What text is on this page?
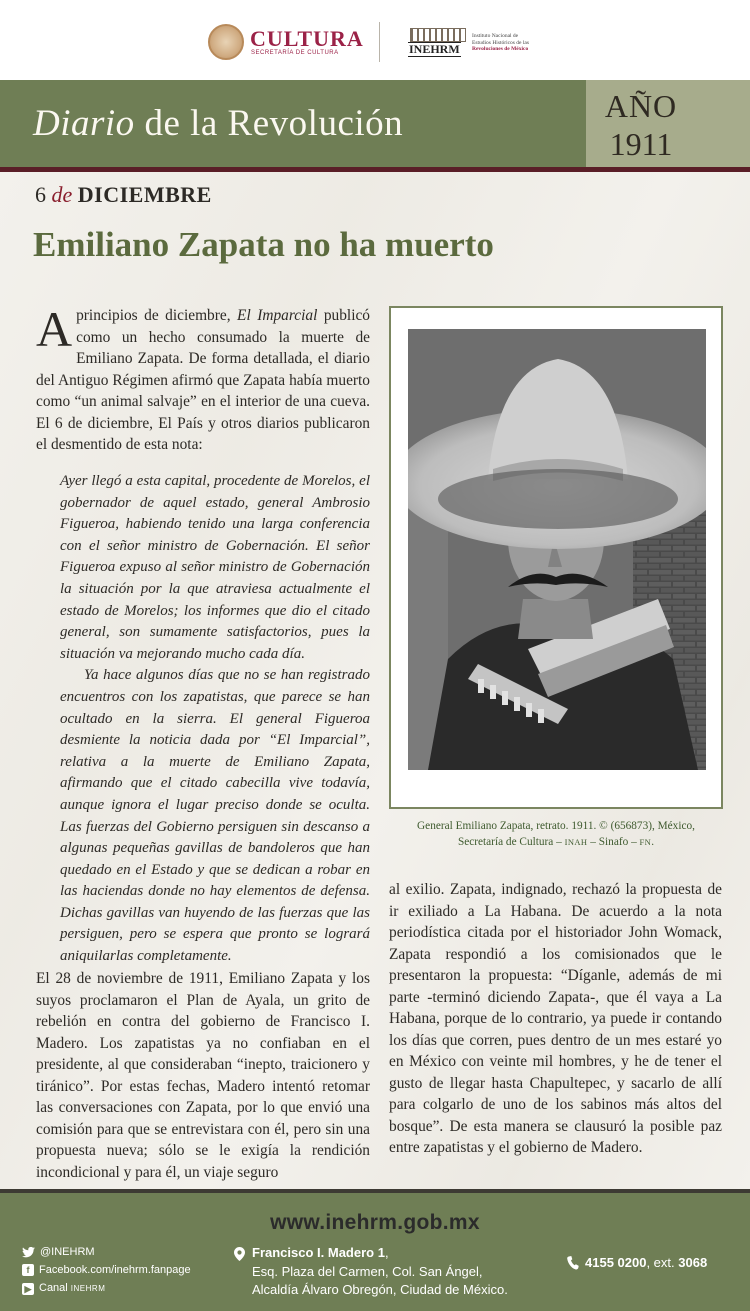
CULTURA
SECRETARÍA DE CULTURA	INEHRM
Instituto Nacional de
Estudios Históricos de las
Revoluciones de México
Diario de la Revolución	AÑO
1911
6 de DICIEMBRE
Emiliano Zapata no ha muerto

A principios de diciembre, El Imparcial publicó como un hecho consumado la muerte de Emiliano Zapata. De forma detallada, el diario del Antiguo Régimen afirmó que Zapata había muerto como “un animal salvaje” en el interior de una cueva. El 6 de diciembre, El País y otros diarios publicaron el desmentido de esta nota:

Ayer llegó a esta capital, procedente de Morelos, el gobernador de aquel estado, general Ambrosio Figueroa, habiendo tenido una larga conferencia con el señor ministro de Gobernación. El señor Figueroa expuso al señor ministro de Gobernación la situación por la que atraviesa actualmente el estado de Morelos; los informes que dio el citado general, son sumamente satisfactorios, pues la situación va mejorando mucho cada día.

Ya hace algunos días que no se han registrado encuentros con los zapatistas, que parece se han ocultado en la sierra. El general Figueroa desmiente la noticia dada por “El Imparcial”, relativa a la muerte de Emiliano Zapata, afirmando que el citado cabecilla vive todavía, aunque ignora el lugar preciso donde se oculta. Las fuerzas del Gobierno persiguen sin descanso a algunas pequeñas gavillas de bandoleros que han quedado en el Estado y que se dedican a robar en las haciendas donde no hay elementos de defensa. Dichas gavillas van huyendo de las fuerzas que las persiguen, pero se espera que pronto se logrará aniquilarlas completamente.

El 28 de noviembre de 1911, Emiliano Zapata y los suyos proclamaron el Plan de Ayala, un grito de rebelión en contra del gobierno de Francisco I. Madero. Los zapatistas ya no confiaban en el presidente, al que consideraban “inepto, traicionero y tiránico”. Por estas fechas, Madero intentó retomar las conversaciones con Zapata, por lo que envió una comisión para que se entrevistara con él, pero sin una propuesta nueva; sólo se le exigía la rendición incondicional y para él, un viaje seguro

General Emiliano Zapata, retrato. 1911. © (656873), México,
Secretaría de Cultura – INAH – Sinafo – FN.

al exilio. Zapata, indignado, rechazó la propuesta de ir exiliado a La Habana. De acuerdo a la nota periodística citada por el historiador John Womack, Zapata respondió a los comisionados que le presentaron la propuesta: “Díganle, además de mi parte -terminó diciendo Zapata-, que él vaya a La Habana, porque de lo contrario, ya puede ir contando los días que corren, pues dentro de un mes estaré yo en México con veinte mil hombres, y he de tener el gusto de llegar hasta Chapultepec, y sacarlo de allí para colgarlo de uno de los sabinos más altos del bosque”. De esta manera se clausuró la posible paz entre zapatistas y el gobierno de Madero.

www.inehrm.gob.mx
@INEHRM
f Facebook.com/inehrm.fanpage
▶ Canal INEHRM
Francisco I. Madero 1,
Esq. Plaza del Carmen, Col. San Ángel,
Alcaldía Álvaro Obregón, Ciudad de México.
4155 0200, ext. 3068
